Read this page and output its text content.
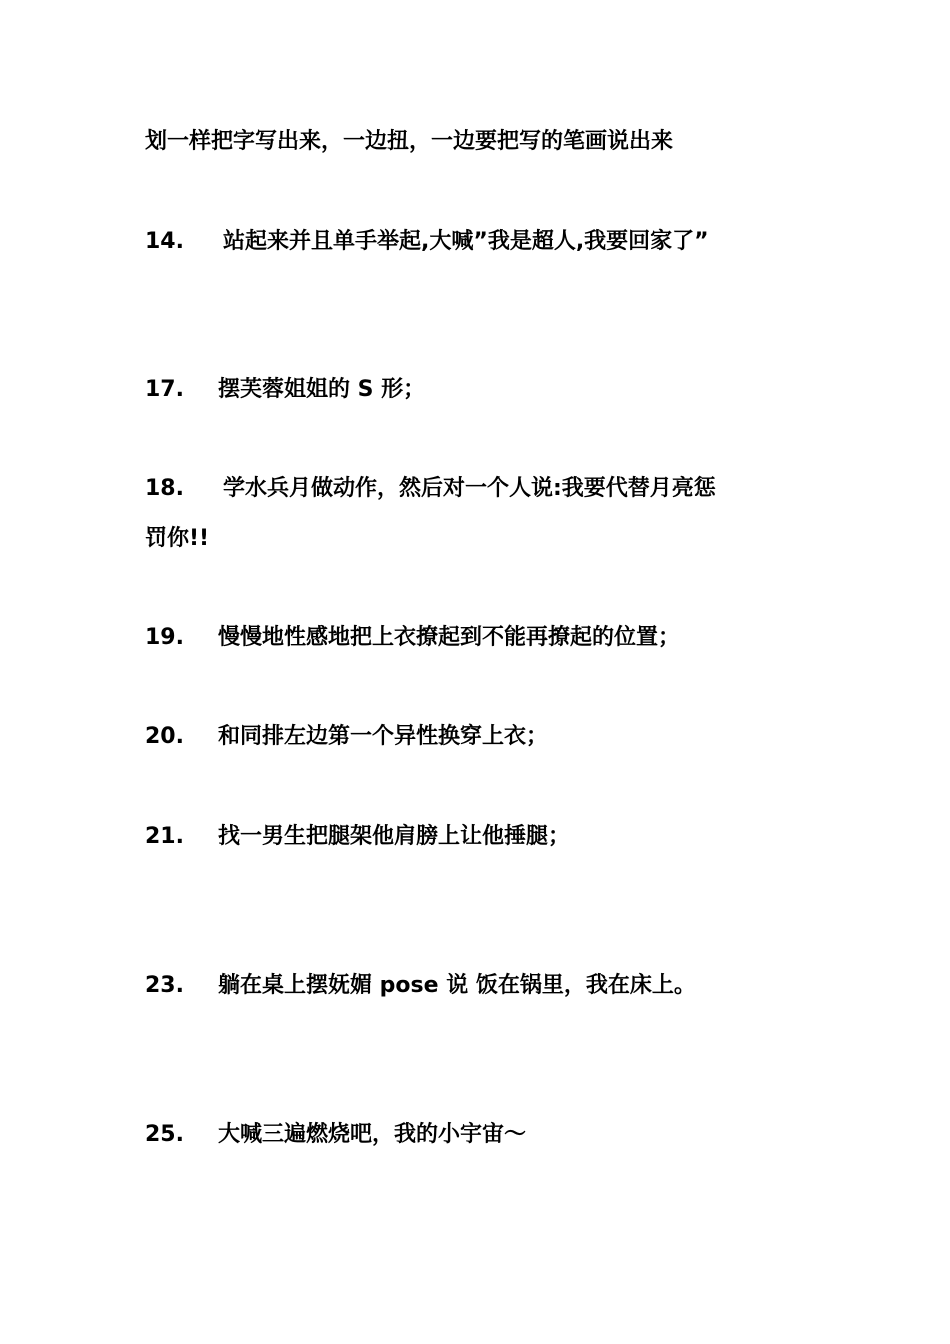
划一样把字写出来，一边扭，一边要把写的笔画说出来
14. 站起来并且单手举起,大喊”我是超人,我要回家了”
17. 摆芙蓉姐姐的 S 形；
18. 学水兵月做动作，然后对一个人说:我要代替月亮惩
罚你!!
19. 慢慢地性感地把上衣撩起到不能再撩起的位置；
20. 和同排左边第一个异性换穿上衣；
21. 找一男生把腿架他肩膀上让他捶腿；
23. 躺在桌上摆妩媚 pose 说 饭在锅里，我在床上。
25. 大喊三遍燃烧吧，我的小宇宙～
